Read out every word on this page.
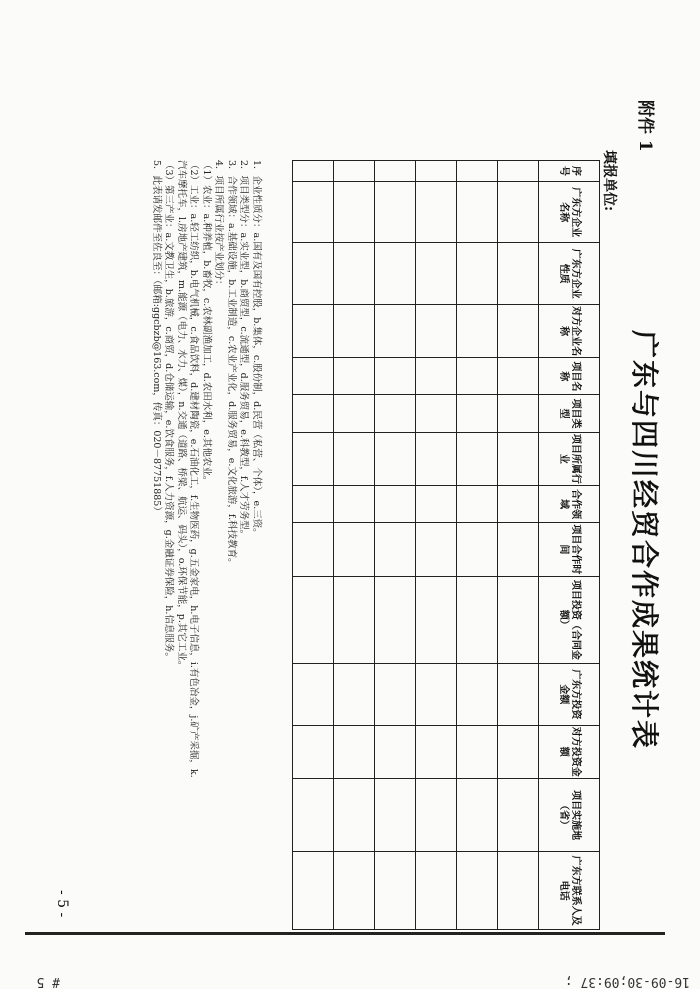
附件 1
广东与四川经贸合作成果统计表
填报单位:
序号	广东方企业名称	广东方企业性质	对方企业名称	项目名称	项目类型	项目所属行业	合作领域	项目合作时间	项目投资（合同金额）	广东方投资金额	对方投资金额	项目实施地（省）	广东方联系人及电话

1．企业性质分：a.国有及国有控股，b.集体，c.股份制，d.民营（私营、个体），e.三资。
2．项目类型分：a.实业型，b.商贸型，c.流通型，d.服务贸易，e.科教型，f.人才劳务型。
3．合作领域：a.基础设施，b.工业制造，c.农业产业化，d.服务贸易，e.文化旅游，f.科技教育。
4．项目所属行业按产业划分：
（1）农业：a.种养植，b.畜牧，c.农林副渔加工，d.农田水利，e.其他农业。
（2）工业：a.轻工纺织，b.电气机械，c.食品饮料，d.建材陶瓷，e.石油化工，f.生物医药，g.五金家电，h.电子信息，i.有色冶金，j.矿产采掘，k.
汽车摩托车，l.房地产建筑，m.能源（电力、水力、煤），n.交通（道路、桥梁、航运、码头），o.环保节能，p.其它工业。
（3）第三产业：a.文教卫生，b.旅游，c.商贸，d.仓储运输，e.饮食服务，f.人力资源，g.金融证券保险，h.信息服务。
5．此表请发邮件至佐良至：（邮箱:ggcbzb@163.com，传真：020－87751885）
- 5 -
16-09-30;09:37 ;
# 5
